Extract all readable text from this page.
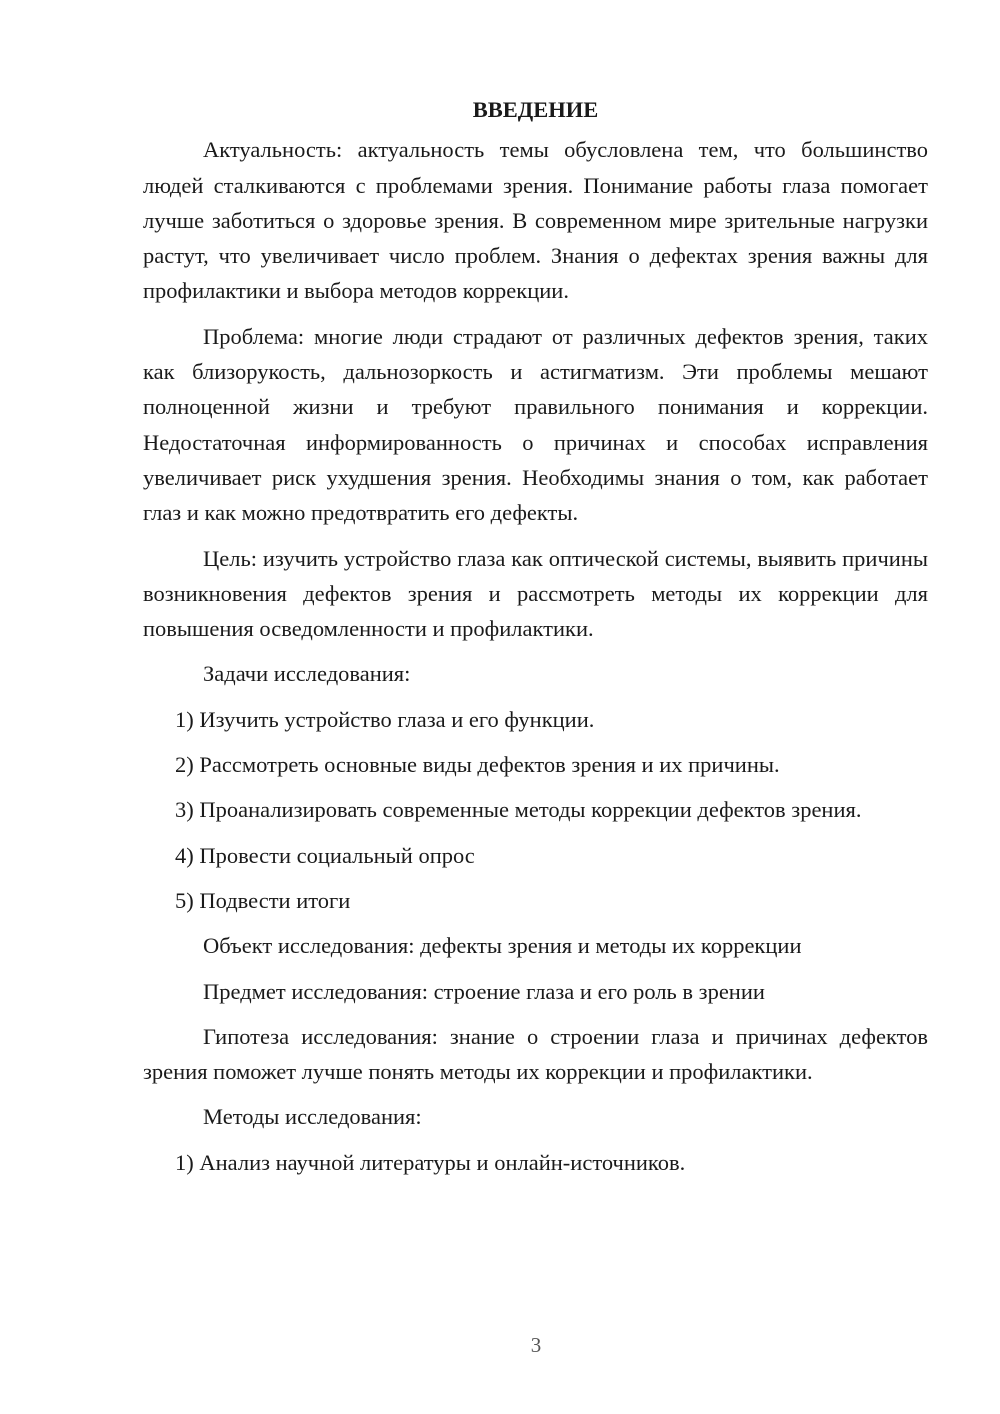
ВВЕДЕНИЕ

Актуальность: актуальность темы обусловлена тем, что большинство людей сталкиваются с проблемами зрения. Понимание работы глаза помогает лучше заботиться о здоровье зрения. В современном мире зрительные нагрузки растут, что увеличивает число проблем. Знания о дефектах зрения важны для профилактики и выбора методов коррекции.

Проблема: многие люди страдают от различных дефектов зрения, таких как близорукость, дальнозоркость и астигматизм. Эти проблемы мешают полноценной жизни и требуют правильного понимания и коррекции. Недостаточная информированность о причинах и способах исправления увеличивает риск ухудшения зрения. Необходимы знания о том, как работает глаз и как можно предотвратить его дефекты.

Цель: изучить устройство глаза как оптической системы, выявить причины возникновения дефектов зрения и рассмотреть методы их коррекции для повышения осведомленности и профилактики.

Задачи исследования:

1) Изучить устройство глаза и его функции.

2) Рассмотреть основные виды дефектов зрения и их причины.

3) Проанализировать современные методы коррекции дефектов зрения.

4) Провести социальный опрос

5) Подвести итоги

Объект исследования: дефекты зрения и методы их коррекции

Предмет исследования: строение глаза и его роль в зрении

Гипотеза исследования: знание о строении глаза и причинах дефектов зрения поможет лучше понять методы их коррекции и профилактики.

Методы исследования:

1) Анализ научной литературы и онлайн-источников.

3
